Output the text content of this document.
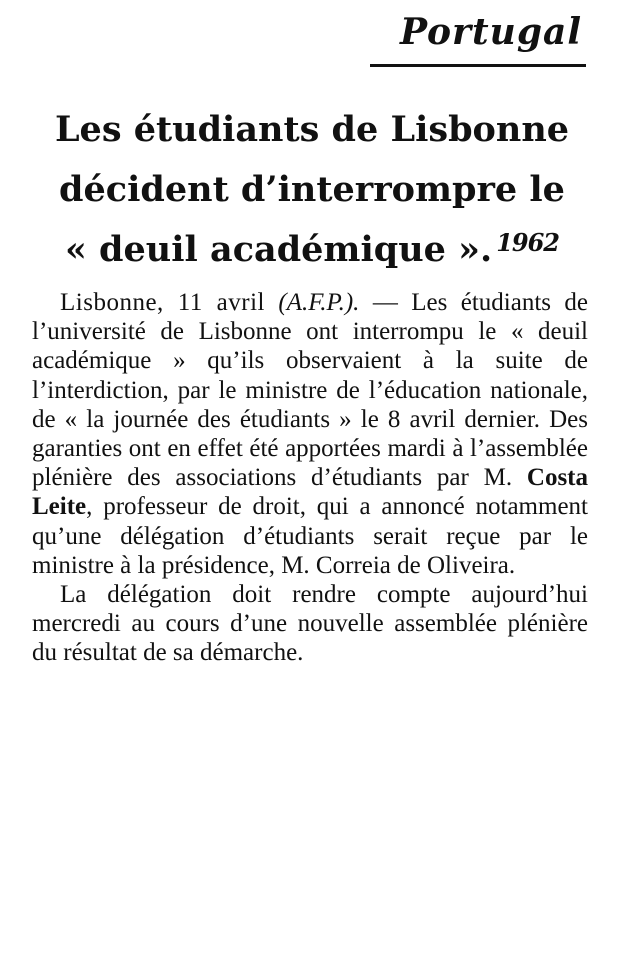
Portugal
Les étudiants de Lisbonne
décident d’interrompre le
« deuil académique ». $^{1962}$

Lisbonne, 11 avril (A.F.P.). — Les étudiants de l’université de Lisbonne ont interrompu le « deuil académique » qu’ils observaient à la suite de l’interdiction, par le ministre de l’éducation nationale, de « la journée des étudiants » le 8 avril dernier. Des garanties ont en effet été apportées mardi à l’assemblée plénière des associations d’étudiants par M. Costa Leite, professeur de droit, qui a annoncé notamment qu’une délégation d’étudiants serait reçue par le ministre à la présidence, M. Correia de Oliveira.

La délégation doit rendre compte aujourd’hui mercredi au cours d’une nouvelle assemblée plénière du résultat de sa démarche.
